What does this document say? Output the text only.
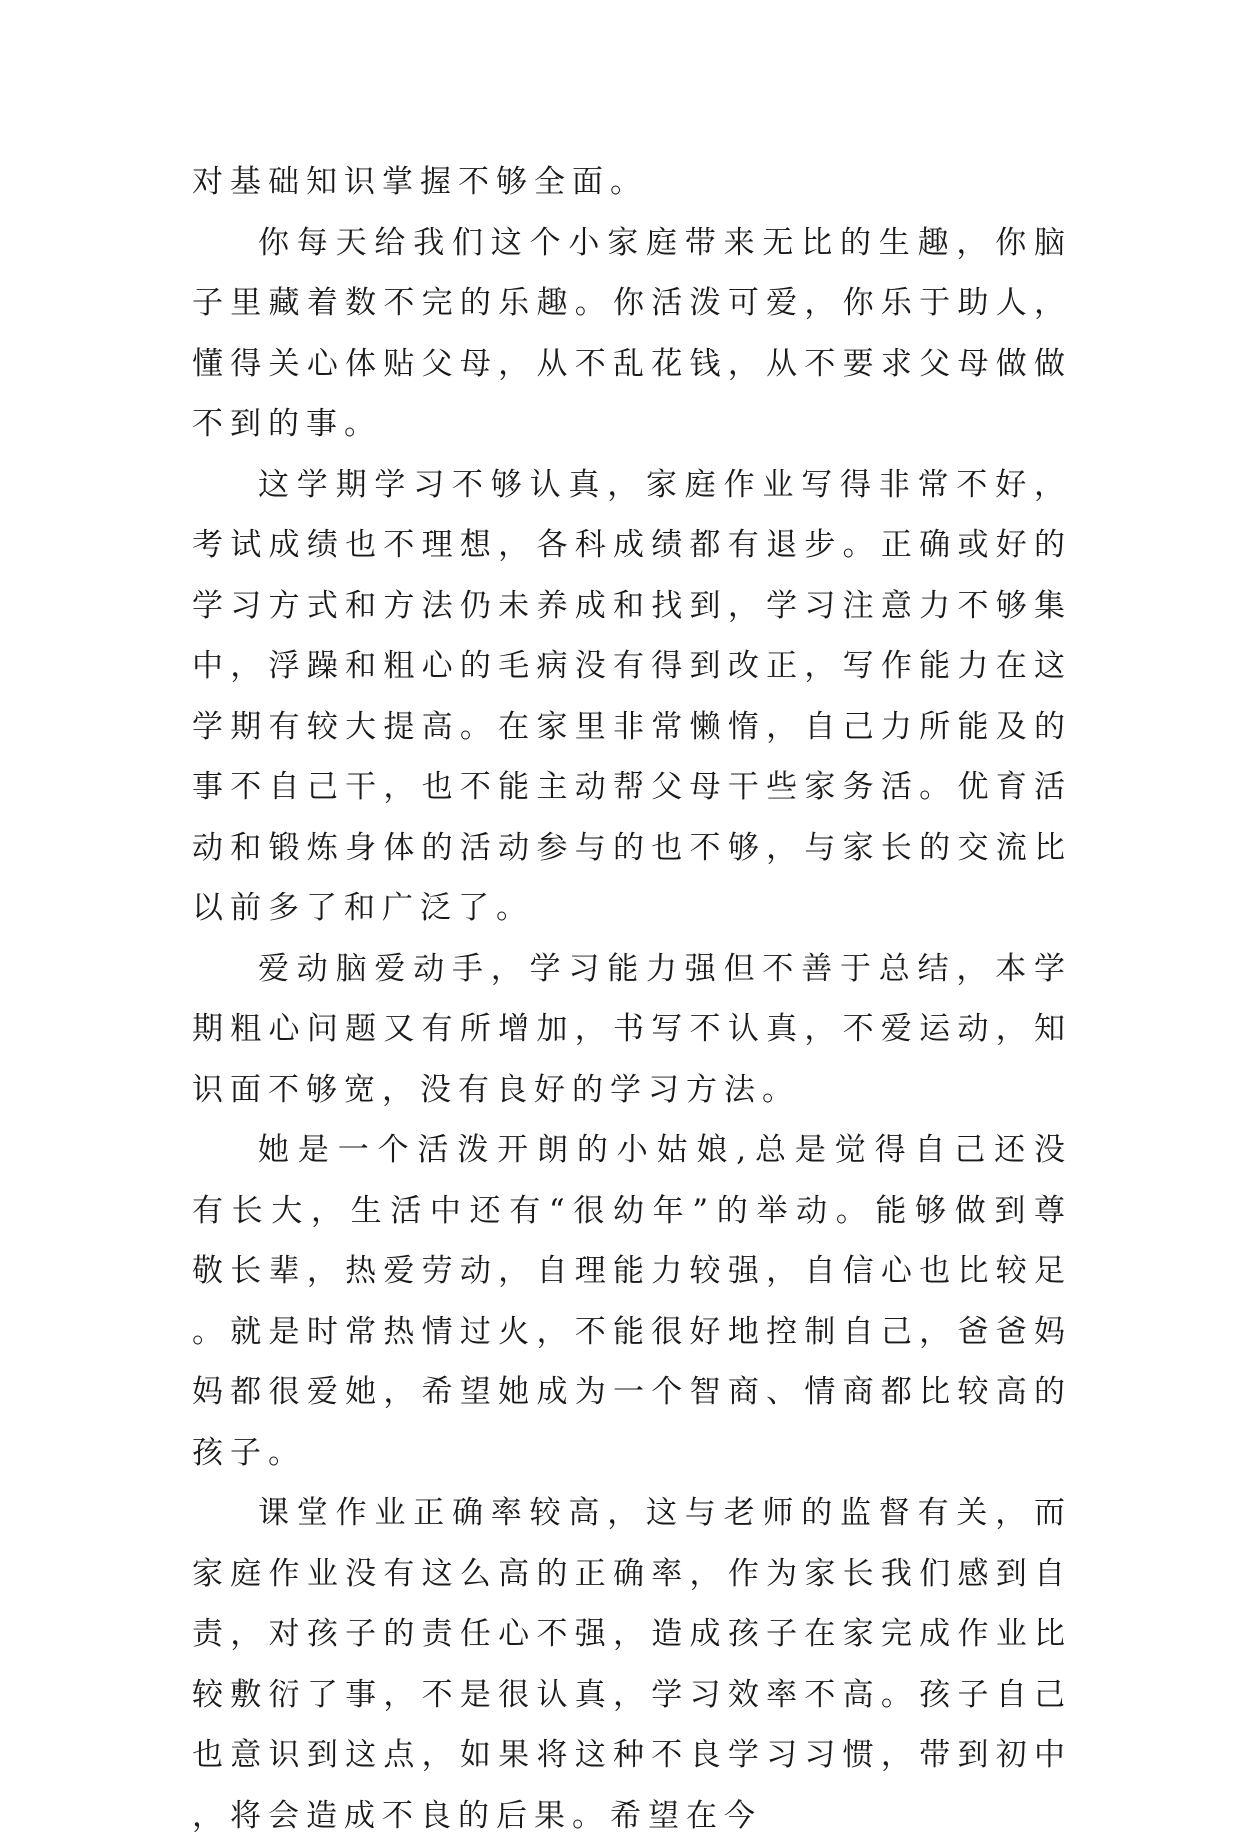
对基础知识掌握不够全面。

你每天给我们这个小家庭带来无比的生趣，你脑子里藏着数不完的乐趣。你活泼可爱，你乐于助人，懂得关心体贴父母，从不乱花钱，从不要求父母做做不到的事。

这学期学习不够认真，家庭作业写得非常不好，考试成绩也不理想，各科成绩都有退步。正确或好的学习方式和方法仍未养成和找到，学习注意力不够集中，浮躁和粗心的毛病没有得到改正，写作能力在这学期有较大提高。在家里非常懒惰，自己力所能及的事不自己干，也不能主动帮父母干些家务活。优育活动和锻炼身体的活动参与的也不够，与家长的交流比以前多了和广泛了。

爱动脑爱动手，学习能力强但不善于总结，本学期粗心问题又有所增加，书写不认真，不爱运动，知识面不够宽，没有良好的学习方法。

她是一个活泼开朗的小姑娘,总是觉得自己还没有长大，生活中还有“很幼年”的举动。能够做到尊敬长辈，热爱劳动，自理能力较强，自信心也比较足。就是时常热情过火，不能很好地控制自己，爸爸妈妈都很爱她，希望她成为一个智商、情商都比较高的孩子。

课堂作业正确率较高，这与老师的监督有关，而家庭作业没有这么高的正确率，作为家长我们感到自责，对孩子的责任心不强，造成孩子在家完成作业比较敷衍了事，不是很认真，学习效率不高。孩子自己也意识到这点，如果将这种不良学习习惯，带到初中，将会造成不良的后果。希望在今
